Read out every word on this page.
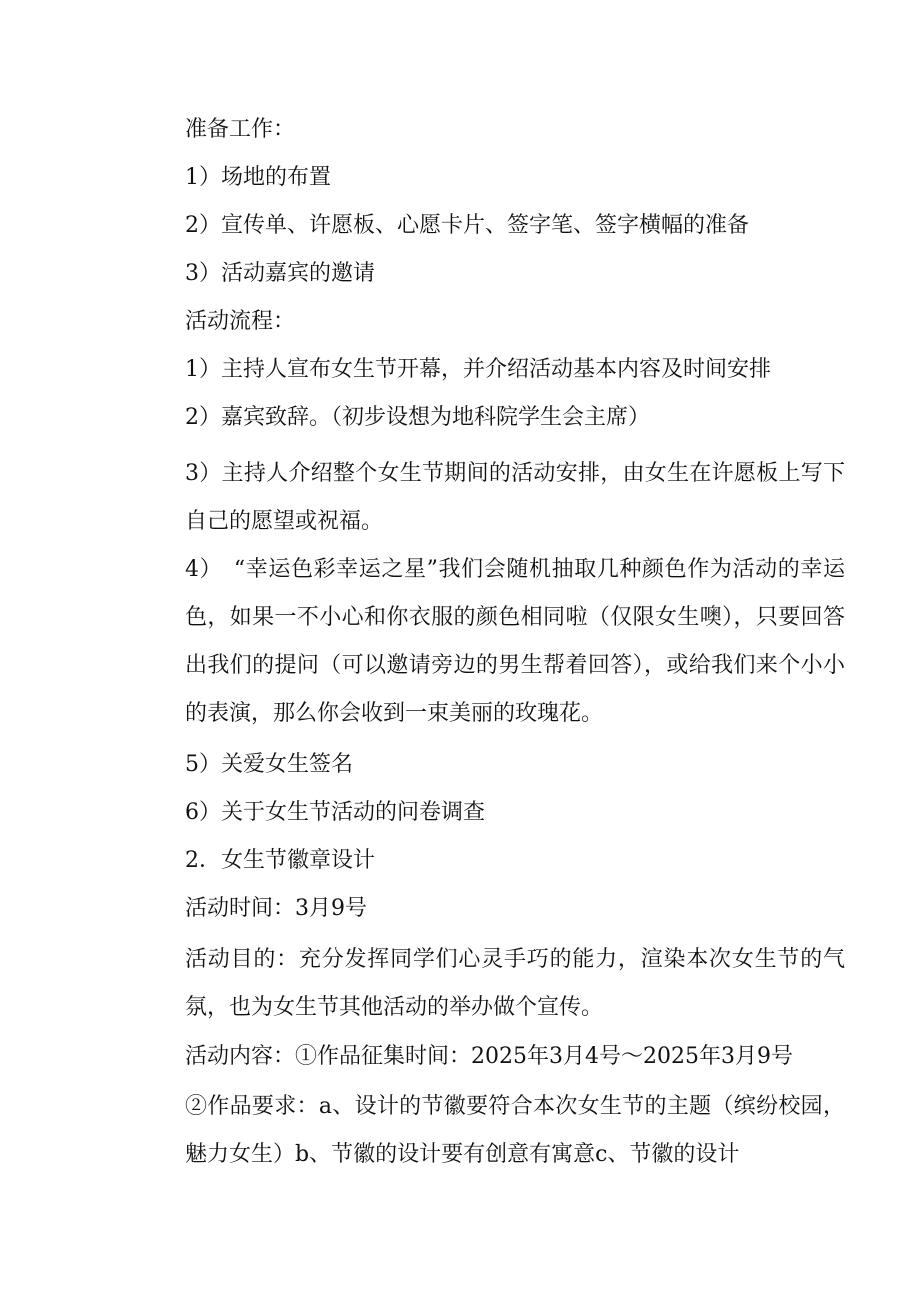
准备工作：

1）场地的布置

2）宣传单、许愿板、心愿卡片、签字笔、签字横幅的准备

3）活动嘉宾的邀请

活动流程：

1）主持人宣布女生节开幕，并介绍活动基本内容及时间安排

2）嘉宾致辞。（初步设想为地科院学生会主席）

3）主持人介绍整个女生节期间的活动安排，由女生在许愿板上写下自己的愿望或祝福。

4）　“幸运色彩幸运之星”我们会随机抽取几种颜色作为活动的幸运色，如果一不小心和你衣服的颜色相同啦（仅限女生噢），只要回答出我们的提问（可以邀请旁边的男生帮着回答），或给我们来个小小的表演，那么你会收到一束美丽的玫瑰花。

5）关爱女生签名

6）关于女生节活动的问卷调查

2．女生节徽章设计

活动时间：3月9号

活动目的：充分发挥同学们心灵手巧的能力，渲染本次女生节的气氛，也为女生节其他活动的举办做个宣传。

活动内容：①作品征集时间：2025年3月4号～2025年3月9号

②作品要求：a、设计的节徽要符合本次女生节的主题（缤纷校园，魅力女生）b、节徽的设计要有创意有寓意c、节徽的设计
